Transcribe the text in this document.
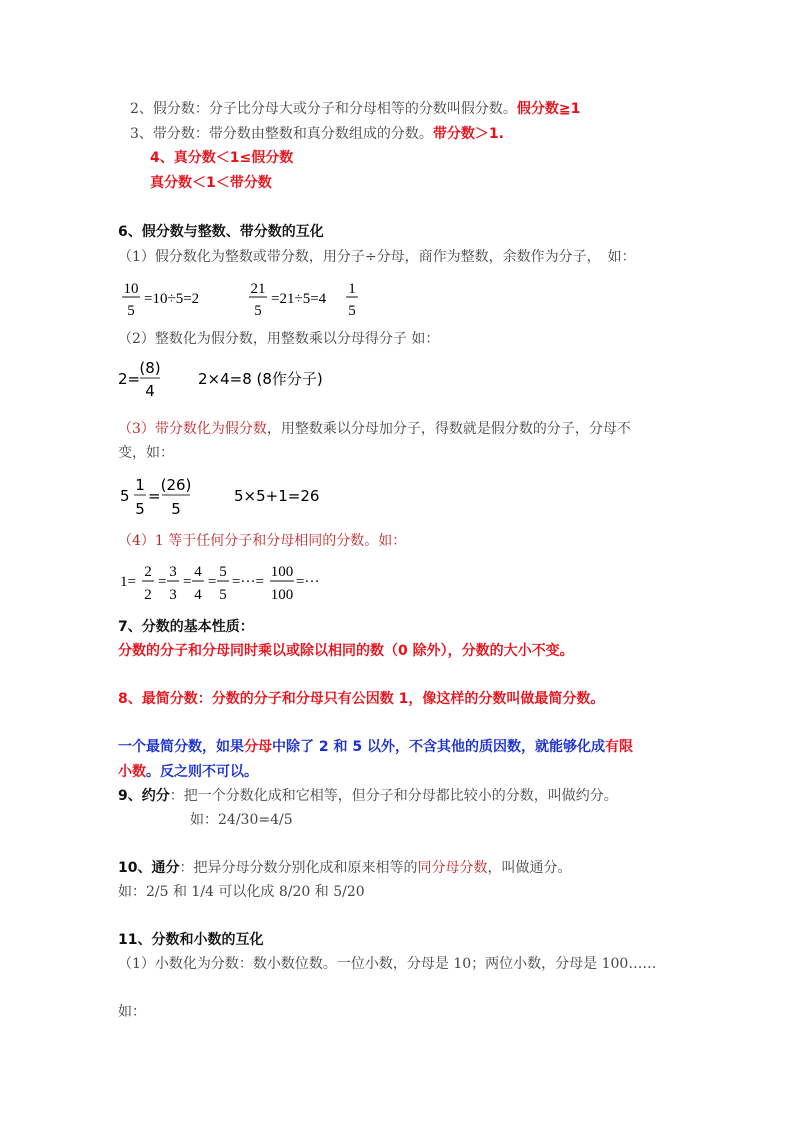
2、假分数：分子比分母大或分子和分母相等的分数叫假分数。假分数≧1
3、带分数：带分数由整数和真分数组成的分数。带分数＞1.
4、真分数＜1≤假分数
真分数＜1＜带分数
6、假分数与整数、带分数的互化
（1）假分数化为整数或带分数，用分子÷分母，商作为整数，余数作为分子，　如：
10
5
=10÷5=2
21
5
=21÷5=4
1
5
（2）整数化为假分数，用整数乘以分母得分子 如：
2=
(8)
4
2×4=8 (8作分子)
（3）带分数化为假分数，用整数乘以分母加分子，得数就是假分数的分子，分母不
变，如：
5
1
5
=
(26)
5
5×5+1=26
（4）1 等于任何分子和分母相同的分数。如：
1=
2
2
=
3
3
=
4
4
=
5
5
=···=
100
100
=···
7、分数的基本性质：
分数的分子和分母同时乘以或除以相同的数（0 除外），分数的大小不变。
8、最简分数：分数的分子和分母只有公因数 1，像这样的分数叫做最简分数。
一个最简分数，如果分母中除了 2 和 5 以外，不含其他的质因数，就能够化成有限
小数。反之则不可以。
9、约分：把一个分数化成和它相等，但分子和分母都比较小的分数，叫做约分。
如：24/30=4/5
10、通分：把异分母分数分别化成和原来相等的同分母分数，叫做通分。
如：2/5 和 1/4 可以化成 8/20 和 5/20
11、分数和小数的互化
（1）小数化为分数：数小数位数。一位小数，分母是 10；两位小数，分母是 100……
如：
